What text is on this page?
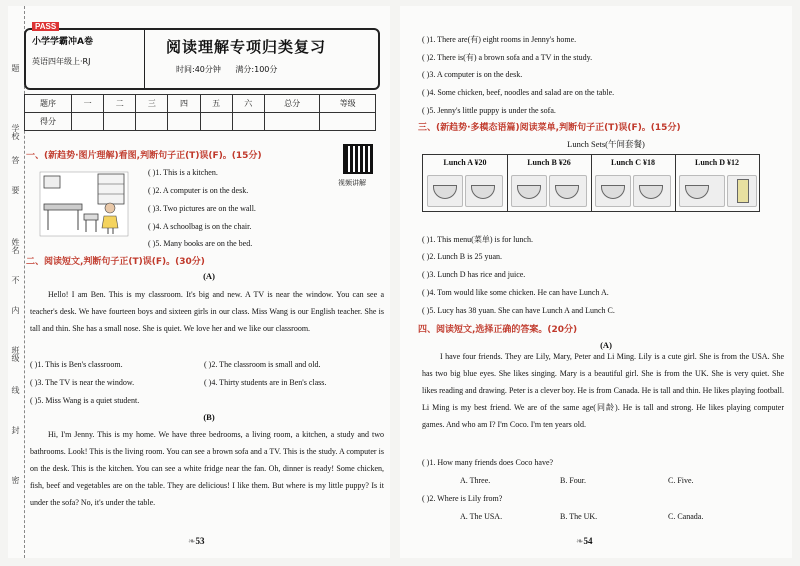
题
学校
答
要
姓名
不
内
班级
线
封
密
PASS
小学学霸冲A卷
英语四年级上·RJ
阅读理解专项归类复习
时间:40分钟 满分:100分
题序	一	二	三	四	五	六	总分	等级
得分								
一、(新趋势·图片理解)看图,判断句子正(T)误(F)。(15分)
视频讲解
( )1. This is a kitchen.
( )2. A computer is on the desk.
( )3. Two pictures are on the wall.
( )4. A schoolbag is on the chair.
( )5. Many books are on the bed.
二、阅读短文,判断句子正(T)误(F)。(30分)
(A)
Hello! I am Ben. This is my classroom. It's big and new. A TV is near the window. You can see a teacher's desk. We have fourteen boys and sixteen girls in our class. Miss Wang is our English teacher. She is tall and thin. She has a small nose. She is quiet. We love her and we like our classroom.
( )1. This is Ben's classroom.	( )2. The classroom is small and old.
( )3. The TV is near the window.	( )4. Thirty students are in Ben's class.
( )5. Miss Wang is a quiet student.
(B)
Hi, I'm Jenny. This is my home. We have three bedrooms, a living room, a kitchen, a study and two bathrooms. Look! This is the living room. You can see a brown sofa and a TV. This is the study. A computer is on the desk. This is the kitchen. You can see a white fridge near the fan. Oh, dinner is ready! Some chicken, fish, beef and vegetables are on the table. They are delicious! I like them. But where is my little puppy? Is it under the sofa? No, it's under the table.
❧ 53
( )1. There are(有) eight rooms in Jenny's home.
( )2. There is(有) a brown sofa and a TV in the study.
( )3. A computer is on the desk.
( )4. Some chicken, beef, noodles and salad are on the table.
( )5. Jenny's little puppy is under the sofa.
三、(新趋势·多模态语篇)阅读菜单,判断句子正(T)误(F)。(15分)
Lunch Sets(午间套餐)
Lunch A ¥20	Lunch B ¥26	Lunch C ¥18	Lunch D ¥12
( )1. This menu(菜单) is for lunch.
( )2. Lunch B is 25 yuan.
( )3. Lunch D has rice and juice.
( )4. Tom would like some chicken. He can have Lunch A.
( )5. Lucy has 38 yuan. She can have Lunch A and Lunch C.
四、阅读短文,选择正确的答案。(20分)
(A)
I have four friends. They are Lily, Mary, Peter and Li Ming. Lily is a cute girl. She is from the USA. She has two big blue eyes. She likes singing. Mary is a beautiful girl. She is from the UK. She is very quiet. She likes reading and drawing. Peter is a clever boy. He is from Canada. He is tall and thin. He likes playing football. Li Ming is my best friend. We are of the same age(同龄). He is tall and strong. He likes playing computer games. And who am I? I'm Coco. I'm ten years old.
( )1. How many friends does Coco have?
A. Three.	B. Four.	C. Five.
( )2. Where is Lily from?
A. The USA.	B. The UK.	C. Canada.
❧ 54
